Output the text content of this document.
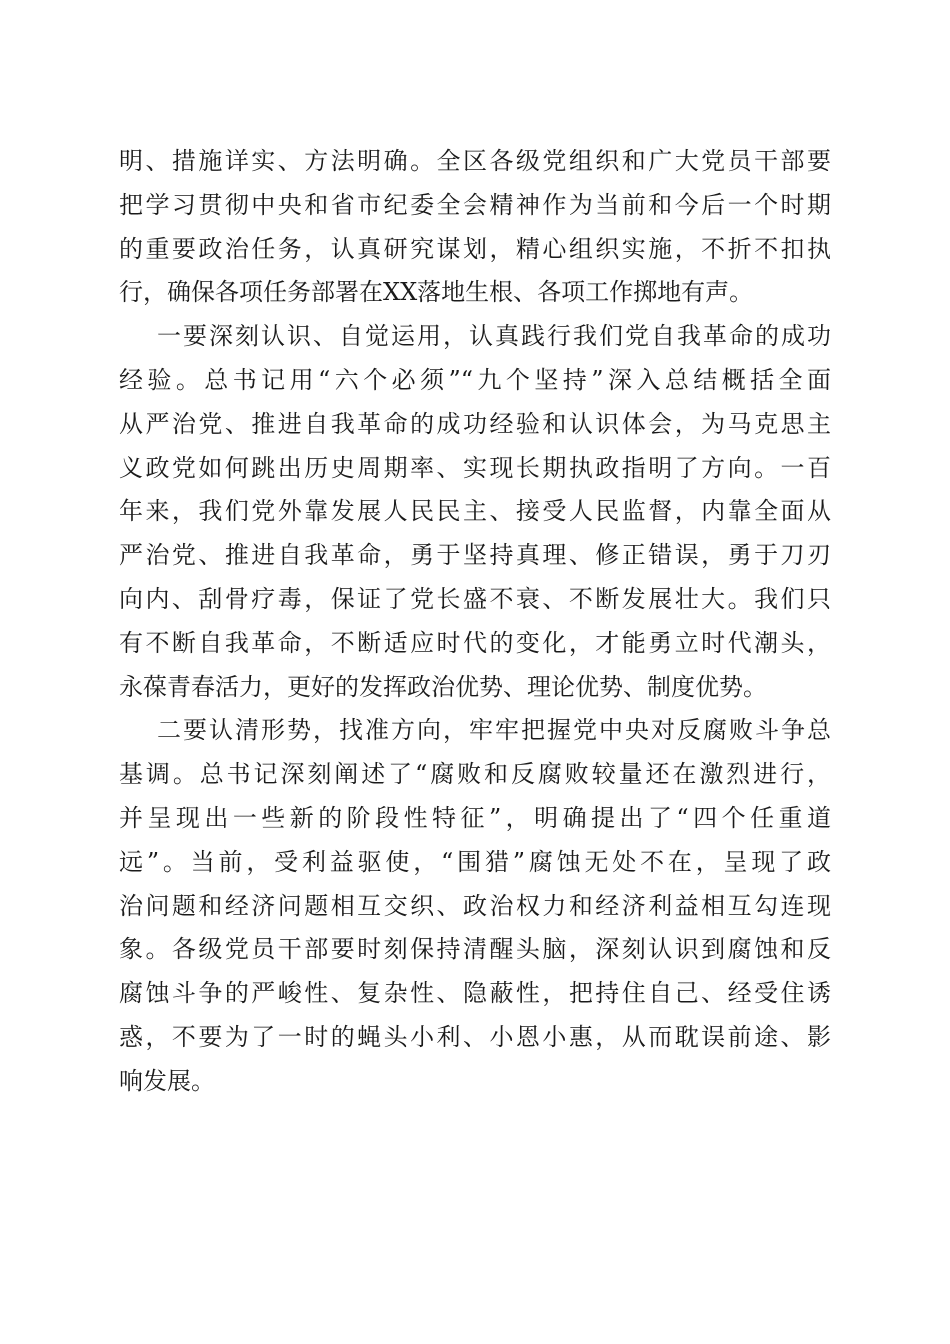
明、措施详实、方法明确。全区各级党组织和广大党员干部要
把学习贯彻中央和省市纪委全会精神作为当前和今后一个时期
的重要政治任务，认真研究谋划，精心组织实施，不折不扣执
行，确保各项任务部署在XX落地生根、各项工作掷地有声。
一要深刻认识、自觉运用，认真践行我们党自我革命的成功
经验。总书记用“六个必须”“九个坚持”深入总结概括全面
从严治党、推进自我革命的成功经验和认识体会，为马克思主
义政党如何跳出历史周期率、实现长期执政指明了方向。一百
年来，我们党外靠发展人民民主、接受人民监督，内靠全面从
严治党、推进自我革命，勇于坚持真理、修正错误，勇于刀刃
向内、刮骨疗毒，保证了党长盛不衰、不断发展壮大。我们只
有不断自我革命，不断适应时代的变化，才能勇立时代潮头，
永葆青春活力，更好的发挥政治优势、理论优势、制度优势。
二要认清形势，找准方向，牢牢把握党中央对反腐败斗争总
基调。总书记深刻阐述了“腐败和反腐败较量还在激烈进行，
并呈现出一些新的阶段性特征”，明确提出了“四个任重道
远”。当前，受利益驱使，“围猎”腐蚀无处不在，呈现了政
治问题和经济问题相互交织、政治权力和经济利益相互勾连现
象。各级党员干部要时刻保持清醒头脑，深刻认识到腐蚀和反
腐蚀斗争的严峻性、复杂性、隐蔽性，把持住自己、经受住诱
惑，不要为了一时的蝇头小利、小恩小惠，从而耽误前途、影
响发展。
